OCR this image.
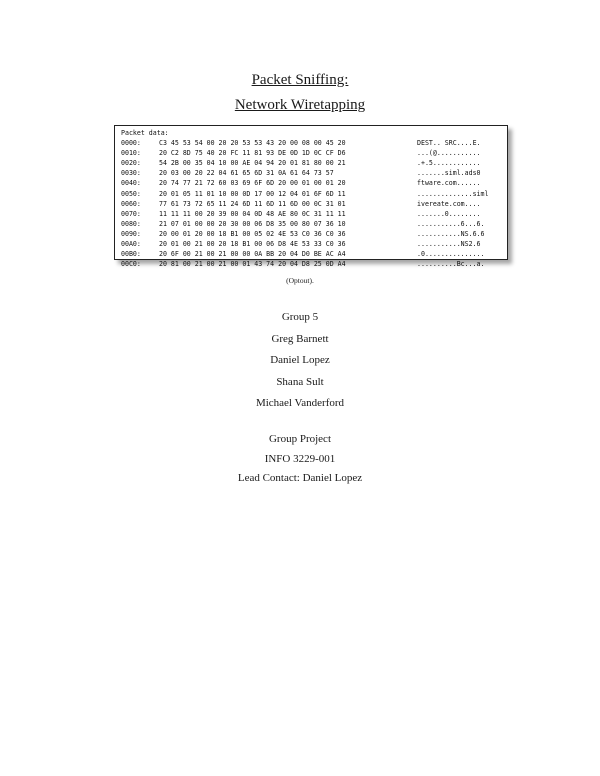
Packet Sniffing:
Network Wiretapping
Packet data:
0000:	C3 45 53 54 00 20 20 53 53 43 20 00 08 00 45 20	DEST.. SRC....E.
0010:	20 C2 8D 75 40 20 FC 11 81 93 DE 0D 1D 0C CF D6	...(@...........
0020:	54 2B 00 35 04 10 00 AE 04 94 20 01 81 80 00 21	.+.5............
0030:	20 03 00 20 22 04 61 65 6D 31 0A 61 64 73 57	.......siml.ads0
0040:	20 74 77 21 72 60 03 69 6F 6D 20 00 01 00 01 20	ftware.com......
0050:	20 01 05 11 01 10 00 0D 17 00 12 04 01 6F 6D 11	..............siml
0060:	77 61 73 72 65 11 24 6D 11 6D 11 6D 00 0C 31 01	ivereate.com....
0070:	11 11 11 00 20 39 00 04 0D 48 AE 80 0C 31 11 11	.......0........
0080:	21 07 01 00 00 20 30 00 06 D8 35 00 80 07 36 10	...........6...6.
0090:	20 00 01 20 00 18 B1 00 05 02 4E 53 C0 36 C0 36	...........NS.6.6
00A0:	20 01 00 21 00 20 18 B1 00 06 D8 4E 53 33 C0 36	...........NS2.6
00B0:	20 6F 00 21 00 21 00 00 0A BB 20 04 D0 BE AC A4	.0...............
00C0:	20 81 00 21 00 21 00 01 43 74 20 04 D8 25 0D A4	..........Bc...a.
(Optout).
Group 5
Greg Barnett
Daniel Lopez
Shana Sult
Michael Vanderford
Group Project
INFO 3229-001
Lead Contact: Daniel Lopez
